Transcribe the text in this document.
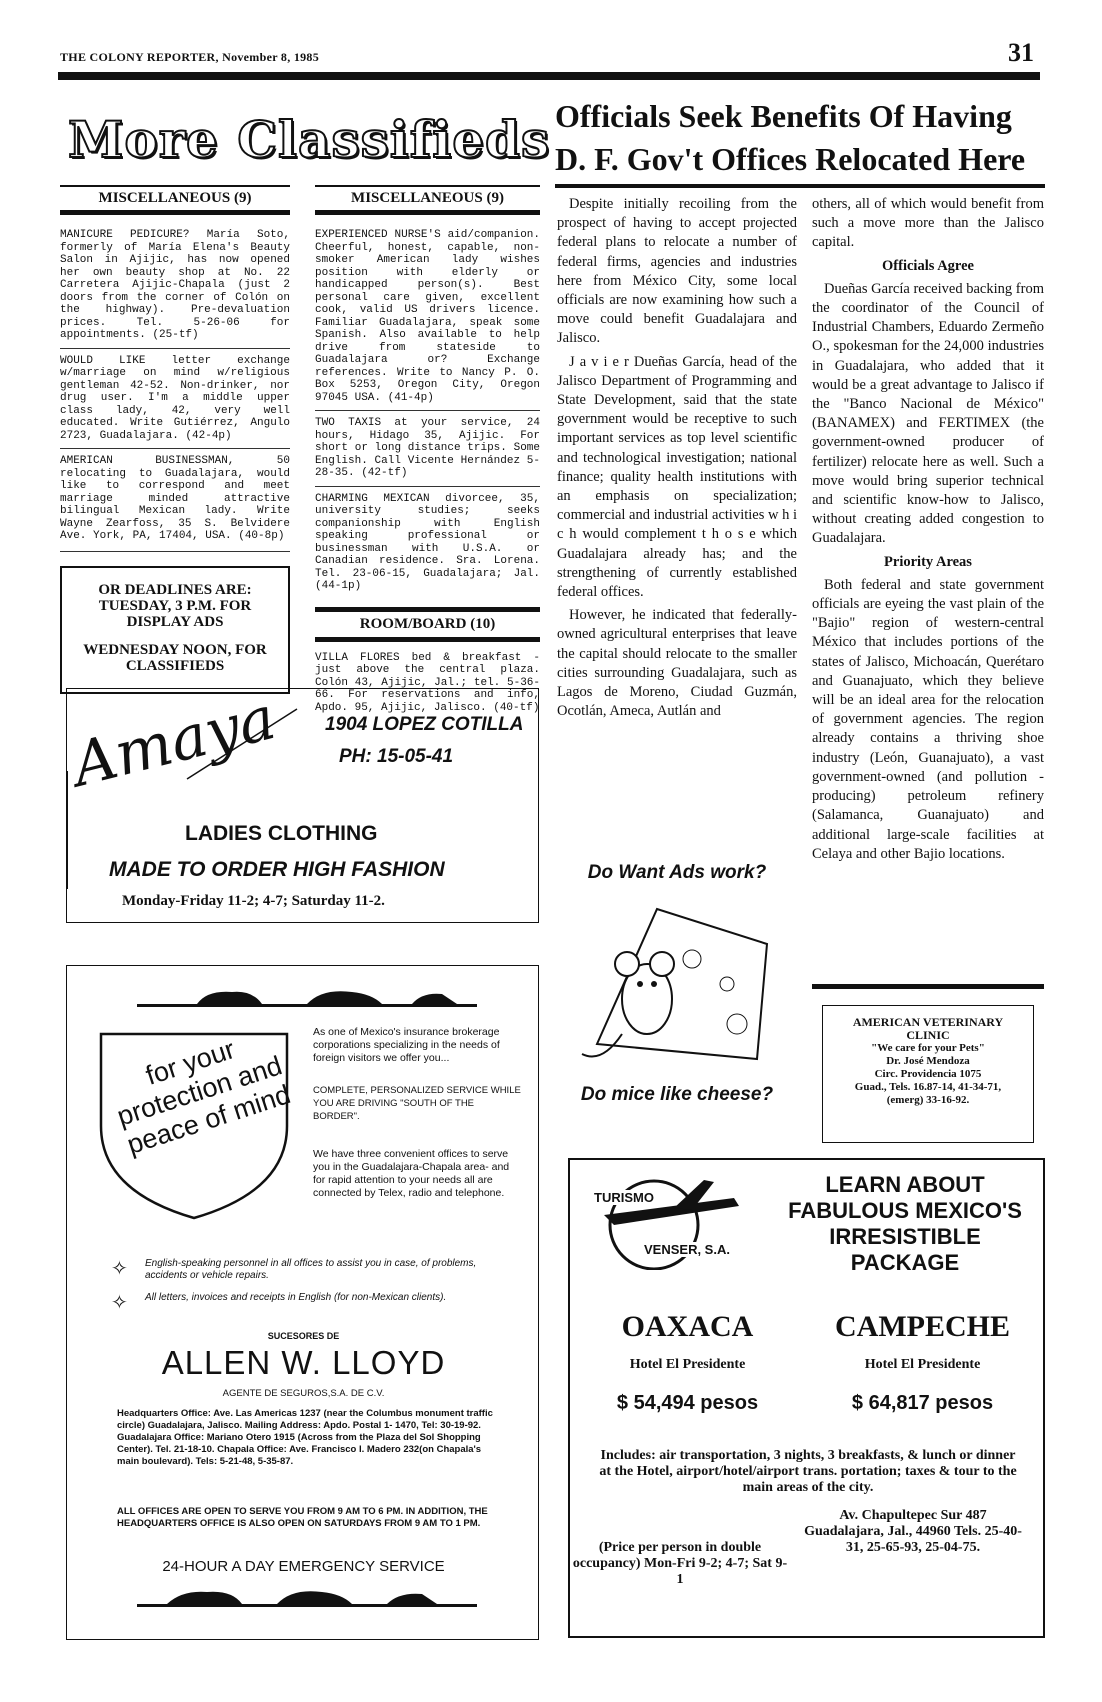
THE COLONY REPORTER, November 8, 1985	31
More Classifieds
MISCELLANEOUS (9)
MANICURE PEDICURE? María Soto, formerly of María Elena's Beauty Salon in Ajijic, has now opened her own beauty shop at No. 22 Carretera Ajijic-Chapala (just 2 doors from the corner of Colón on the highway). Pre-devaluation prices. Tel. 5-26-06 for appointments. (25-tf)
WOULD LIKE letter exchange w/marriage on mind w/religious gentleman 42-52. Non-drinker, nor drug user. I'm a middle upper class lady, 42, very well educated. Write Gutiérrez, Angulo 2723, Guadalajara. (42-4p)
AMERICAN BUSINESSMAN, 50 relocating to Guadalajara, would like to correspond and meet marriage minded attractive bilingual Mexican lady. Write Wayne Zearfoss, 35 S. Belvidere Ave. York, PA, 17404, USA. (40-8p)
OR DEADLINES ARE: TUESDAY, 3 P.M. FOR DISPLAY ADS
WEDNESDAY NOON, FOR CLASSIFIEDS
MISCELLANEOUS (9)
EXPERIENCED NURSE'S aid/companion. Cheerful, honest, capable, non-smoker American lady wishes position with elderly or handicapped person(s). Best personal care given, excellent cook, valid US drivers licence. Familiar Guadalajara, speak some Spanish. Also available to help drive from stateside to Guadalajara or? Exchange references. Write to Nancy P. O. Box 5253, Oregon City, Oregon 97045 USA. (41-4p)
TWO TAXIS at your service, 24 hours, Hidago 35, Ajijic. For short or long distance trips. Some English. Call Vicente Hernández 5-28-35. (42-tf)
CHARMING MEXICAN divorcee, 35, university studies; seeks companionship with English speaking professional or businessman with U.S.A. or Canadian residence. Sra. Lorena. Tel. 23-06-15, Guadalajara; Jal. (44-1p)
ROOM/BOARD (10)
VILLA FLORES bed & breakfast - just above the central plaza. Colón 43, Ajijic, Jal.; tel. 5-36-66. For reservations and info, Apdo. 95, Ajijic, Jalisco. (40-tf)
Officials Seek Benefits Of Having D. F. Gov't Offices Relocated Here

Despite initially recoiling from the prospect of having to accept projected federal plans to relocate a number of federal firms, agencies and industries here from México City, some local officials are now examining how such a move could benefit Guadalajara and Jalisco.

J a v i e r Dueñas García, head of the Jalisco Department of Programming and State Development, said that the state government would be receptive to such important services as top level scientific and technological investigation; national finance; quality health institutions with an emphasis on specialization; commercial and industrial activities w h i c h would complement t h o s e which Guadalajara already has; and the strengthening of currently established federal offices.

However, he indicated that federally-owned agricultural enterprises that leave the capital should relocate to the smaller cities surrounding Guadalajara, such as Lagos de Moreno, Ciudad Guzmán, Ocotlán, Ameca, Autlán and

others, all of which would benefit from such a move more than the Jalisco capital.

Officials Agree

Dueñas García received backing from the coordinator of the Council of Industrial Chambers, Eduardo Zermeño O., spokesman for the 24,000 industries in Guadalajara, who added that it would be a great advantage to Jalisco if the "Banco Nacional de México" (BANAMEX) and FERTIMEX (the government-owned producer of fertilizer) relocate here as well. Such a move would bring superior technical and scientific know-how to Jalisco, without creating added congestion to Guadalajara.

Priority Areas

Both federal and state government officials are eyeing the vast plain of the "Bajio" region of western-central México that includes portions of the states of Jalisco, Michoacán, Querétaro and Guanajuato, which they believe will be an ideal area for the relocation of government agencies. The region already contains a thriving shoe industry (León, Guanajuato), a vast government-owned (and pollution - producing) petroleum refinery (Salamanca, Guanajuato) and additional large-scale facilities at Celaya and other Bajio locations.

Amaya 1904 LOPEZ COTILLA
PH: 15-05-41
LADIES CLOTHING
MADE TO ORDER HIGH FASHION
Monday-Friday 11-2; 4-7; Saturday 11-2.
Do Want Ads work?
Do mice like cheese?
AMERICAN VETERINARY CLINIC
"We care for your Pets"
Dr. José Mendoza
Circ. Providencia 1075
Guad., Tels. 16.87-14, 41-34-71,
(emerg) 33-16-92.
for your protection and peace of mind
As one of Mexico's insurance brokerage corporations specializing in the needs of foreign visitors we offer you...
COMPLETE, PERSONALIZED SERVICE WHILE YOU ARE DRIVING "SOUTH OF THE BORDER".
We have three convenient offices to serve you in the Guadalajara-Chapala area- and for rapid attention to your needs all are connected by Telex, radio and telephone.
✧ English-speaking personnel in all offices to assist you in case, of problems, accidents or vehicle repairs.
✧ All letters, invoices and receipts in English (for non-Mexican clients).
SUCESORES DE
ALLEN W. LLOYD
AGENTE DE SEGUROS,S.A. DE C.V.
Headquarters Office: Ave. Las Americas 1237 (near the Columbus monument traffic circle) Guadalajara, Jalisco. Mailing Address: Apdo. Postal 1- 1470, Tel: 30-19-92. Guadalajara Office: Mariano Otero 1915 (Across from the Plaza del Sol Shopping Center). Tel. 21-18-10. Chapala Office: Ave. Francisco I. Madero 232(on Chapala's main boulevard). Tels: 5-21-48, 5-35-87.
ALL OFFICES ARE OPEN TO SERVE YOU FROM 9 AM TO 6 PM. IN ADDITION, THE HEADQUARTERS OFFICE IS ALSO OPEN ON SATURDAYS FROM 9 AM TO 1 PM.
24-HOUR A DAY EMERGENCY SERVICE
TURISMO
VENSER, S.A.
LEARN ABOUT FABULOUS MEXICO'S IRRESISTIBLE PACKAGE
OAXACA
Hotel El Presidente
$ 54,494 pesos
CAMPECHE
Hotel El Presidente
$ 64,817 pesos
Includes: air transportation, 3 nights, 3 breakfasts, & lunch or dinner at the Hotel, airport/hotel/airport trans. portation; taxes & tour to the main areas of the city.
(Price per person in double occupancy) Mon-Fri 9-2; 4-7; Sat 9-1
Av. Chapultepec Sur 487 Guadalajara, Jal., 44960 Tels. 25-40-31, 25-65-93, 25-04-75.
